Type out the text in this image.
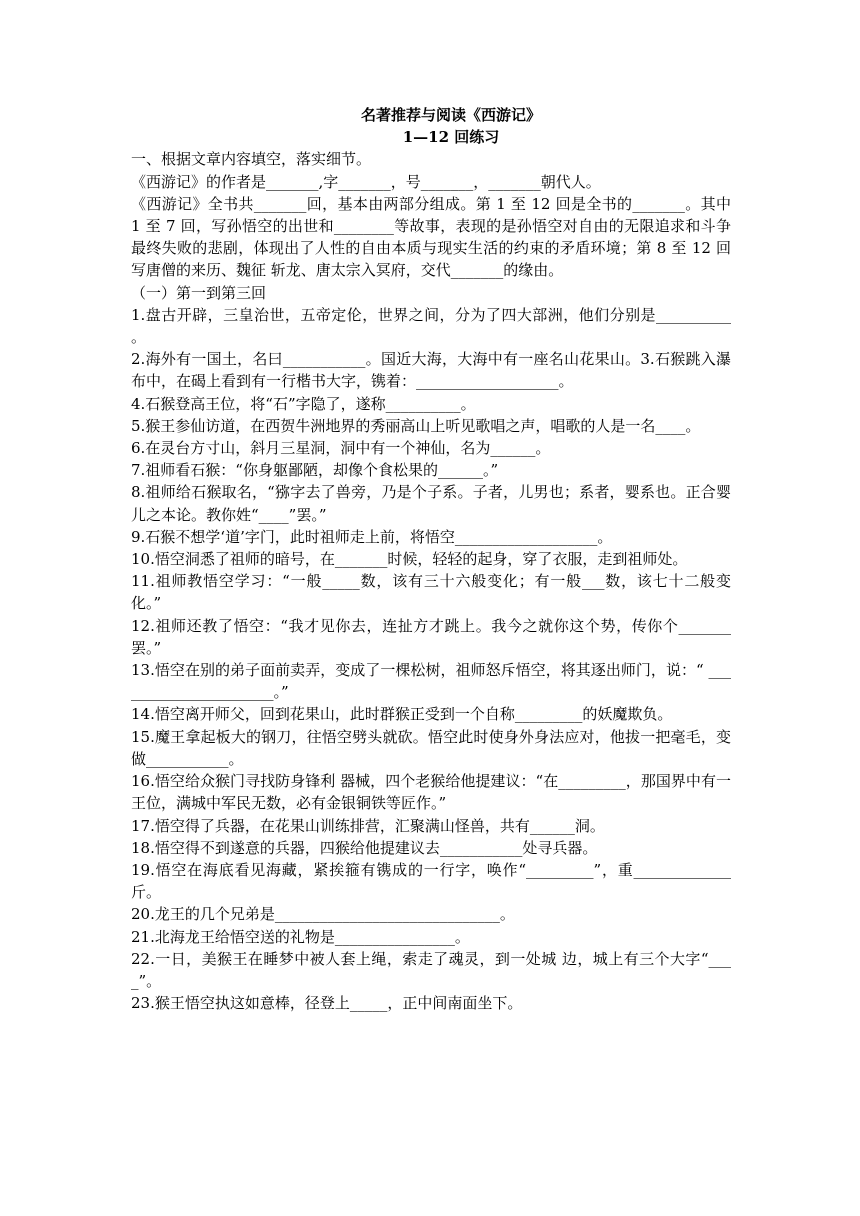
名著推荐与阅读《西游记》

1—12 回练习

一、根据文章内容填空，落实细节。

《西游记》的作者是_______,字_______，号_______，_______朝代人。

《西游记》全书共_______回，基本由两部分组成。第 1 至 12 回是全书的_______。其中 1 至 7 回，写孙悟空的出世和________等故事，表现的是孙悟空对自由的无限追求和斗争最终失败的悲剧，体现出了人性的自由本质与现实生活的约束的矛盾环境；第 8 至 12 回写唐僧的来历、魏征 斩龙、唐太宗入冥府，交代_______的缘由。

（一）第一到第三回

1.盘古开辟，三皇治世，五帝定伦，世界之间，分为了四大部洲，他们分别是__________ 。

2.海外有一国土，名曰___________。国近大海，大海中有一座名山花果山。3.石猴跳入瀑布中，在碣上看到有一行楷书大字，镌着：___________________。

4.石猴登高王位，将“石”字隐了，遂称__________。

5.猴王参仙访道，在西贺牛洲地界的秀丽高山上听见歌唱之声，唱歌的人是一名____。

6.在灵台方寸山，斜月三星洞，洞中有一个神仙，名为______。

7.祖师看石猴：“你身躯鄙陋，却像个食松果的______。”

8.祖师给石猴取名，“猕字去了兽旁，乃是个子系。子者，儿男也；系者，婴系也。正合婴儿之本论。教你姓“____”罢。”

9.石猴不想学‘道’字门，此时祖师走上前，将悟空___________________。

10.悟空洞悉了祖师的暗号，在_______时候，轻轻的起身，穿了衣服，走到祖师处。

11.祖师教悟空学习：“一般_____数，该有三十六般变化；有一般___数，该七十二般变化。”

12.祖师还教了悟空：“我才见你去，连扯方才跳上。我今之就你这个势，传你个_______罢。”

13.悟空在别的弟子面前卖弄，变成了一棵松树，祖师怒斥悟空，将其逐出师门，说：“ ______________________。”

14.悟空离开师父，回到花果山，此时群猴正受到一个自称_________的妖魔欺负。

15.魔王拿起板大的钢刀，往悟空劈头就砍。悟空此时使身外身法应对，他拔一把毫毛，变做___________。

16.悟空给众猴门寻找防身锋利 器械，四个老猴给他提建议：“在_________，那国界中有一王位，满城中军民无数，必有金银铜铁等匠作。”

17.悟空得了兵器，在花果山训练排营，汇聚满山怪兽，共有______洞。

18.悟空得不到遂意的兵器，四猴给他提建议去___________处寻兵器。

19.悟空在海底看见海藏，紧挨箍有镌成的一行字，唤作“_________”，重_____________斤。

20.龙王的几个兄弟是______________________________。

21.北海龙王给悟空送的礼物是________________。

22.一日，美猴王在睡梦中被人套上绳，索走了魂灵，到一处城 边，城上有三个大字“____”。

23.猴王悟空执这如意棒，径登上_____，正中间南面坐下。
